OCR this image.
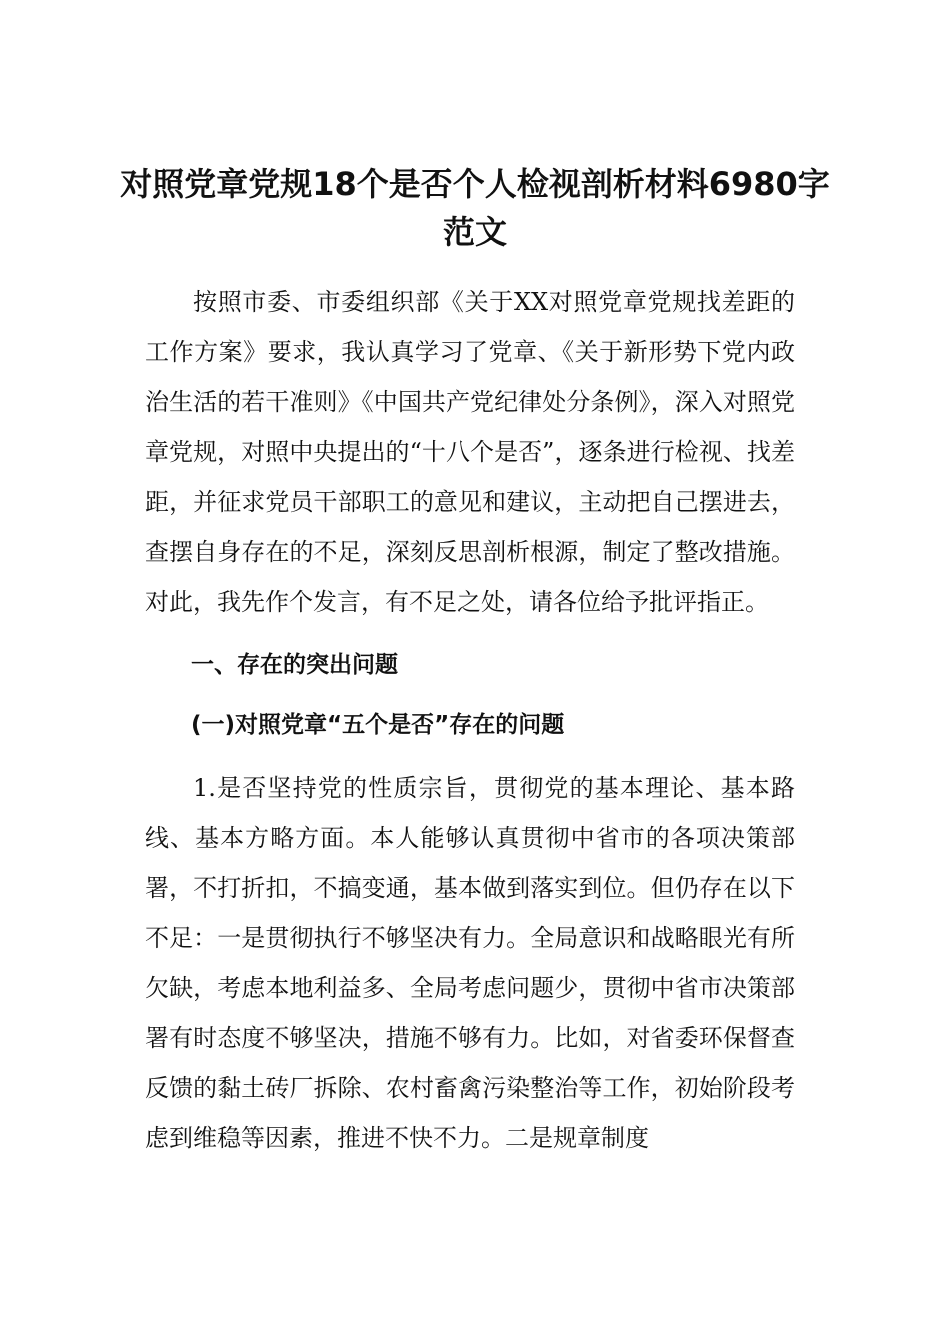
对照党章党规18个是否个人检视剖析材料6980字范文

按照市委、市委组织部《关于XX对照党章党规找差距的工作方案》要求，我认真学习了党章、《关于新形势下党内政治生活的若干准则》《中国共产党纪律处分条例》，深入对照党章党规，对照中央提出的“十八个是否”，逐条进行检视、找差距，并征求党员干部职工的意见和建议，主动把自己摆进去，查摆自身存在的不足，深刻反思剖析根源，制定了整改措施。对此，我先作个发言，有不足之处，请各位给予批评指正。

一、存在的突出问题

(一)对照党章“五个是否”存在的问题

1.是否坚持党的性质宗旨，贯彻党的基本理论、基本路线、基本方略方面。本人能够认真贯彻中省市的各项决策部署，不打折扣，不搞变通，基本做到落实到位。但仍存在以下不足：一是贯彻执行不够坚决有力。全局意识和战略眼光有所欠缺，考虑本地利益多、全局考虑问题少，贯彻中省市决策部署有时态度不够坚决，措施不够有力。比如，对省委环保督查反馈的黏土砖厂拆除、农村畜禽污染整治等工作，初始阶段考虑到维稳等因素，推进不快不力。二是规章制度
